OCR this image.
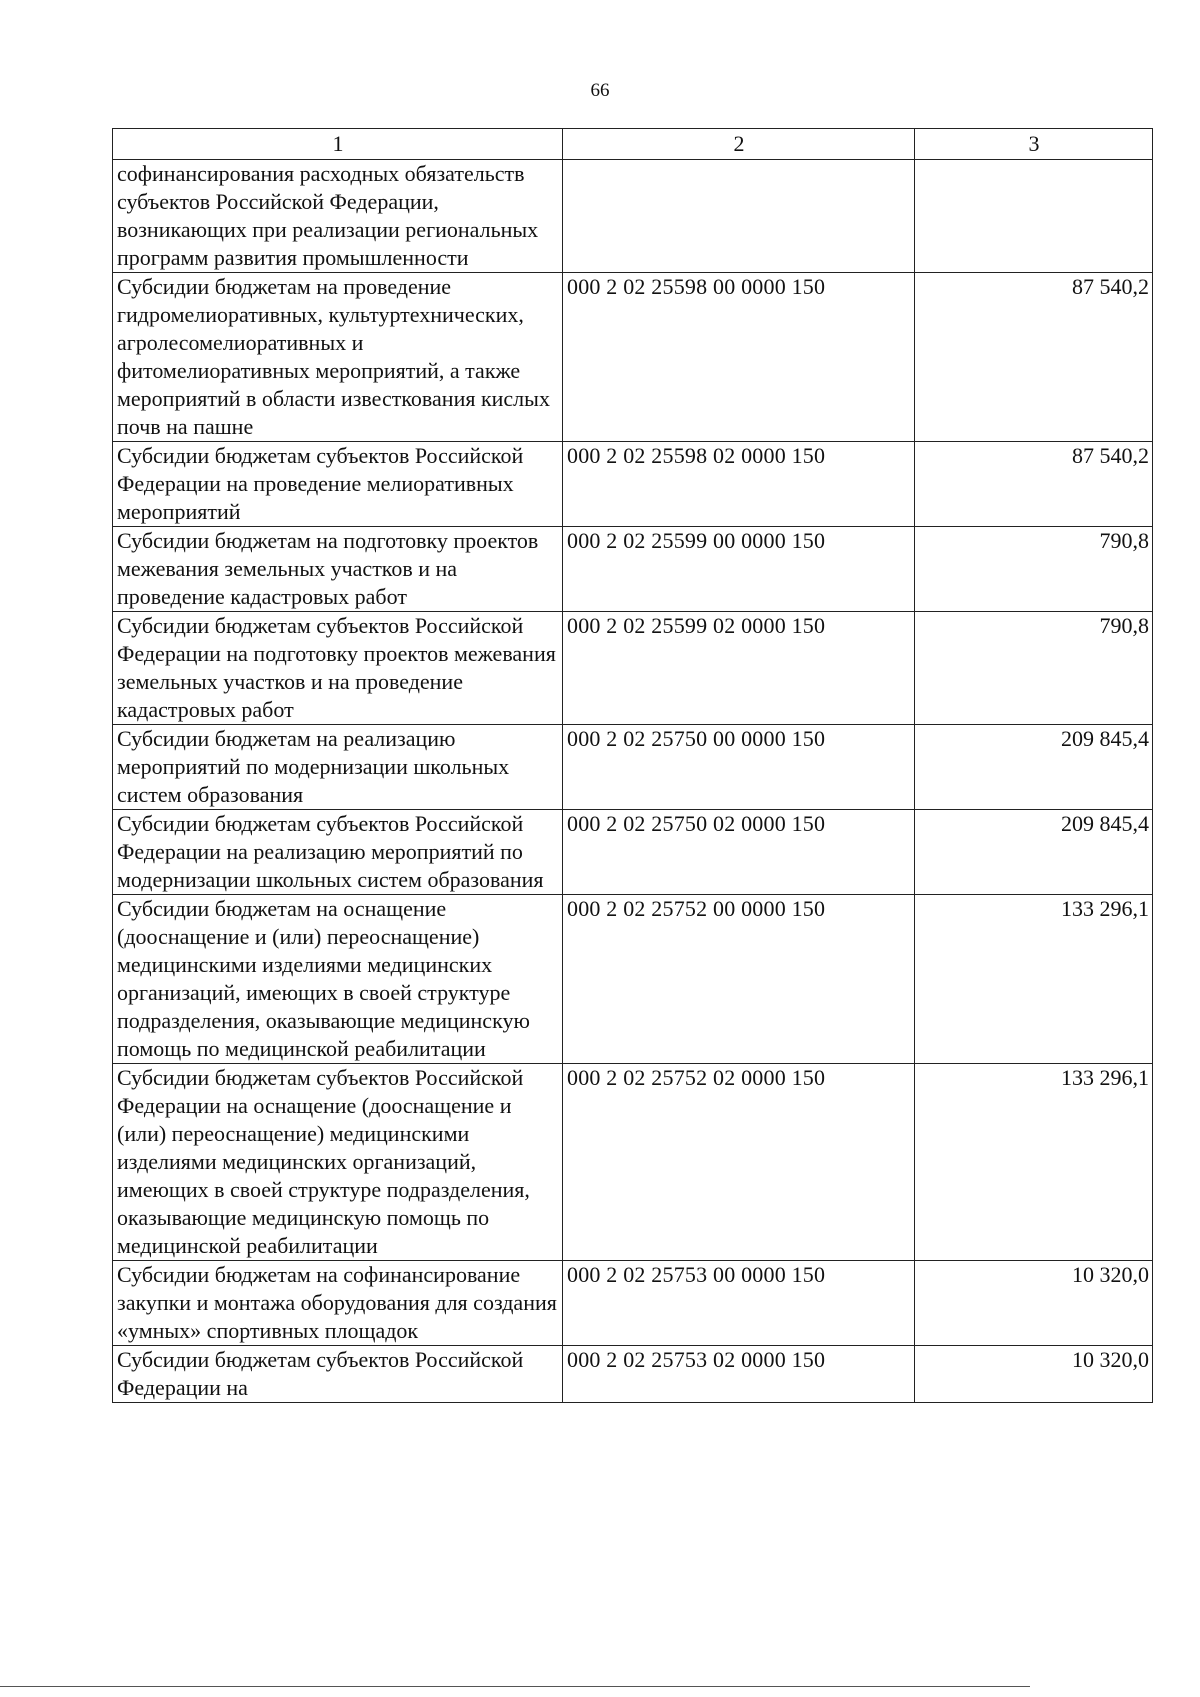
66
1	2	3
софинансирования расходных обязательств субъектов Российской Федерации, возникающих при реализации региональных программ развития промышленности		
Субсидии бюджетам на проведение гидромелиоративных, культуртехнических, агролесомелиоративных и фитомелиоративных мероприятий, а также мероприятий в области известкования кислых почв на пашне	000 2 02 25598 00 0000 150	87 540,2
Субсидии бюджетам субъектов Российской Федерации на проведение мелиоративных мероприятий	000 2 02 25598 02 0000 150	87 540,2
Субсидии бюджетам на подготовку проектов межевания земельных участков и на проведение кадастровых работ	000 2 02 25599 00 0000 150	790,8
Субсидии бюджетам субъектов Российской Федерации на подготовку проектов межевания земельных участков и на проведение кадастровых работ	000 2 02 25599 02 0000 150	790,8
Субсидии бюджетам на реализацию мероприятий по модернизации школьных систем образования	000 2 02 25750 00 0000 150	209 845,4
Субсидии бюджетам субъектов Российской Федерации на реализацию мероприятий по модернизации школьных систем образования	000 2 02 25750 02 0000 150	209 845,4
Субсидии бюджетам на оснащение (дооснащение и (или) переоснащение) медицинскими изделиями медицинских организаций, имеющих в своей структуре подразделения, оказывающие медицинскую помощь по медицинской реабилитации	000 2 02 25752 00 0000 150	133 296,1
Субсидии бюджетам субъектов Российской Федерации на оснащение (дооснащение и (или) переоснащение) медицинскими изделиями медицинских организаций, имеющих в своей структуре подразделения, оказывающие медицинскую помощь по медицинской реабилитации	000 2 02 25752 02 0000 150	133 296,1
Субсидии бюджетам на софинансирование закупки и монтажа оборудования для создания «умных» спортивных площадок	000 2 02 25753 00 0000 150	10 320,0
Субсидии бюджетам субъектов Российской Федерации на	000 2 02 25753 02 0000 150	10 320,0
